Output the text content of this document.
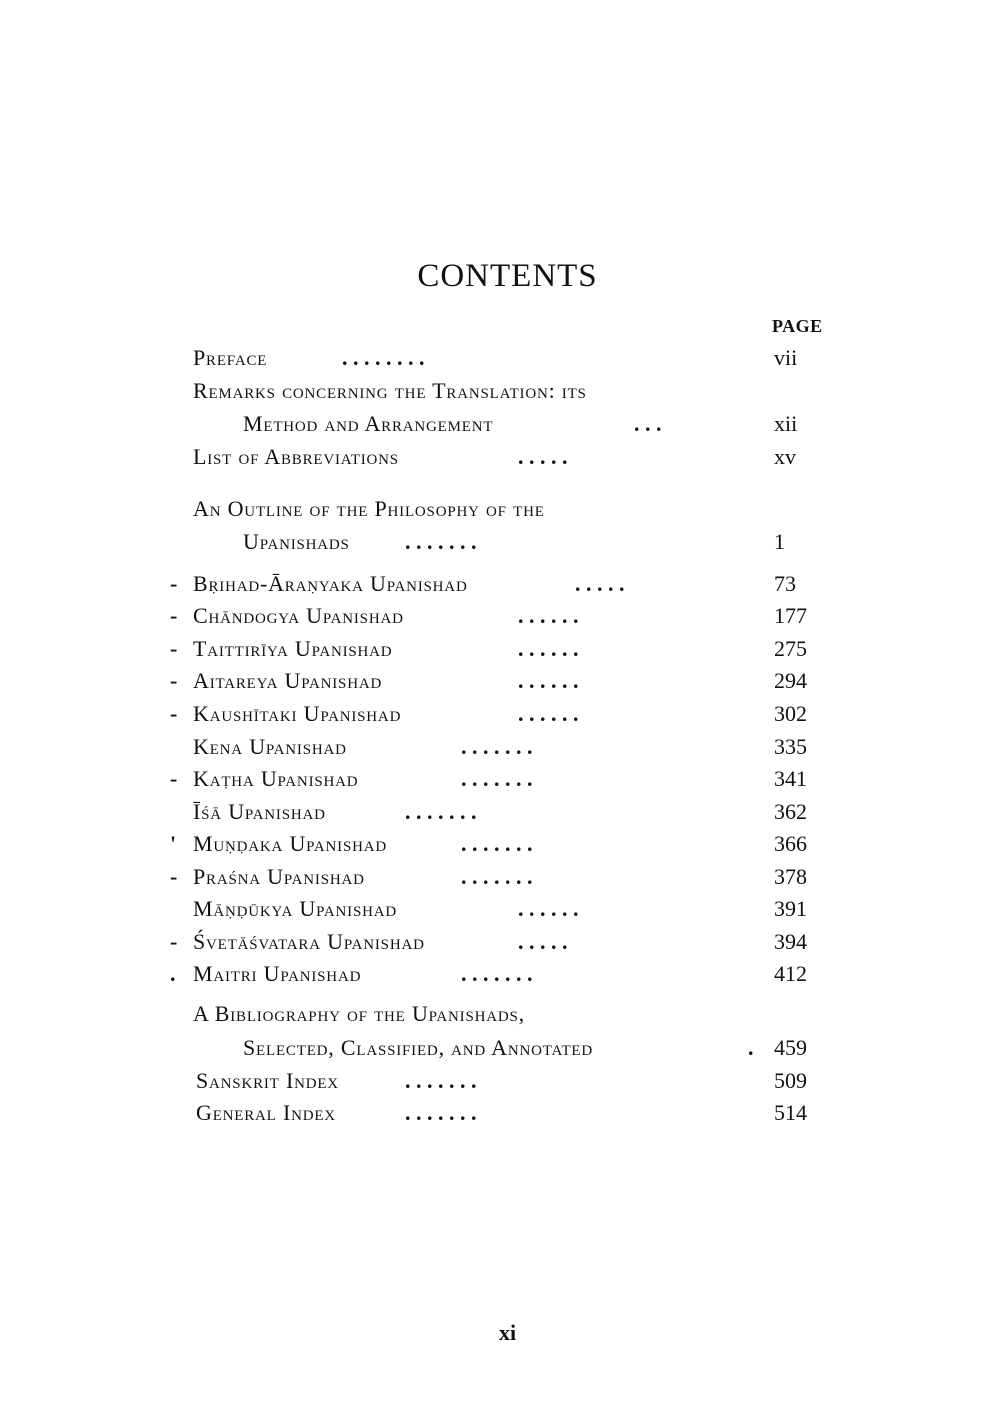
CONTENTS
PAGE
Preface	. . . . . . . .	vii
Remarks concerning the Translation: its
Method and Arrangement	. . .	xii
List of Abbreviations	. . . . .	xv
An Outline of the Philosophy of the
Upanishads	. . . . . . .	1
- Bṛihad-Āraṇyaka Upanishad	. . . . .	73
- Chāndogya Upanishad	. . . . . .	177
- Taittirīya Upanishad	. . . . . .	275
- Aitareya Upanishad	. . . . . .	294
- Kaushītaki Upanishad	. . . . . .	302
Kena Upanishad	. . . . . . .	335
- Kaṭha Upanishad	. . . . . . .	341
Īśā Upanishad	. . . . . . .	362
' Muṇḍaka Upanishad	. . . . . . .	366
- Praśna Upanishad	. . . . . . .	378
Māṇḍūkya Upanishad	. . . . . .	391
- Śvetāśvatara Upanishad	. . . . .	394
. Maitri Upanishad	. . . . . . .	412
A Bibliography of the Upanishads,
Selected, Classified, and Annotated	. 459
Sanskrit Index	. . . . . . .	509
General Index	. . . . . . .	514
xi
